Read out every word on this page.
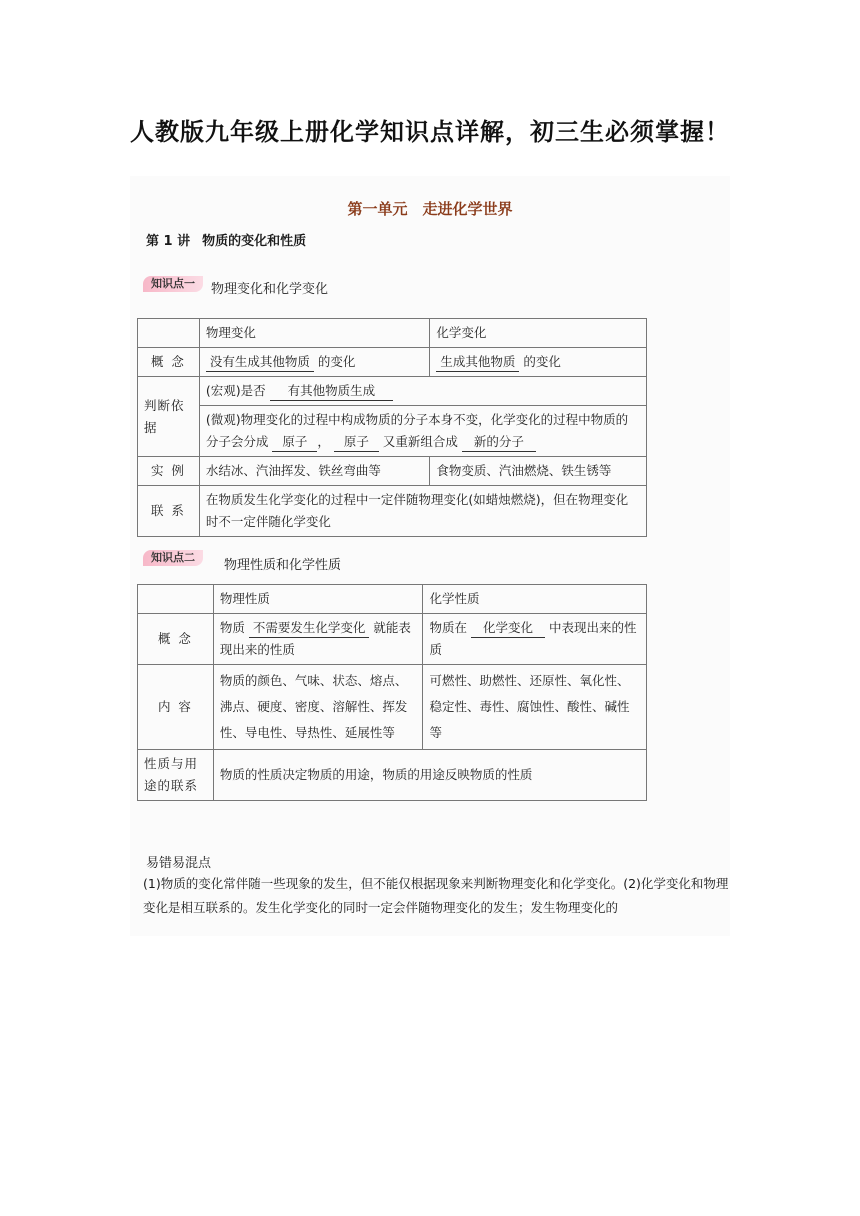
人教版九年级上册化学知识点详解，初三生必须掌握！
第一单元　走进化学世界
第 1 讲 物质的变化和性质
知识点一	物理变化和化学变化
	物理变化	化学变化
概 念	没有生成其他物质 的变化	生成其他物质 的变化
判断依据	(宏观)是否 有其他物质生成	
	(微观)物理变化的过程中构成物质的分子本身不变，化学变化的过程中物质的分子会分成 原子 ， 原子 又重新组合成 新的分子	
实 例	水结冰、汽油挥发、铁丝弯曲等	食物变质、汽油燃烧、铁生锈等
联 系	在物质发生化学变化的过程中一定伴随物理变化(如蜡烛燃烧)，但在物理变化时不一定伴随化学变化	
知识点二
物理性质和化学性质
	物理性质	化学性质
概 念	物质 不需要发生化学变化 就能表现出来的性质	物质在 化学变化 中表现出来的性质
内 容	物质的颜色、气味、状态、熔点、沸点、硬度、密度、溶解性、挥发性、导电性、导热性、延展性等	可燃性、助燃性、还原性、氧化性、稳定性、毒性、腐蚀性、酸性、碱性等
性质与用途的联系	物质的性质决定物质的用途，物质的用途反映物质的性质	
易错易混点
(1)物质的变化常伴随一些现象的发生，但不能仅根据现象来判断物理变化和化学变化。(2)化学变化和物理变化是相互联系的。发生化学变化的同时一定会伴随物理变化的发生；发生物理变化的
